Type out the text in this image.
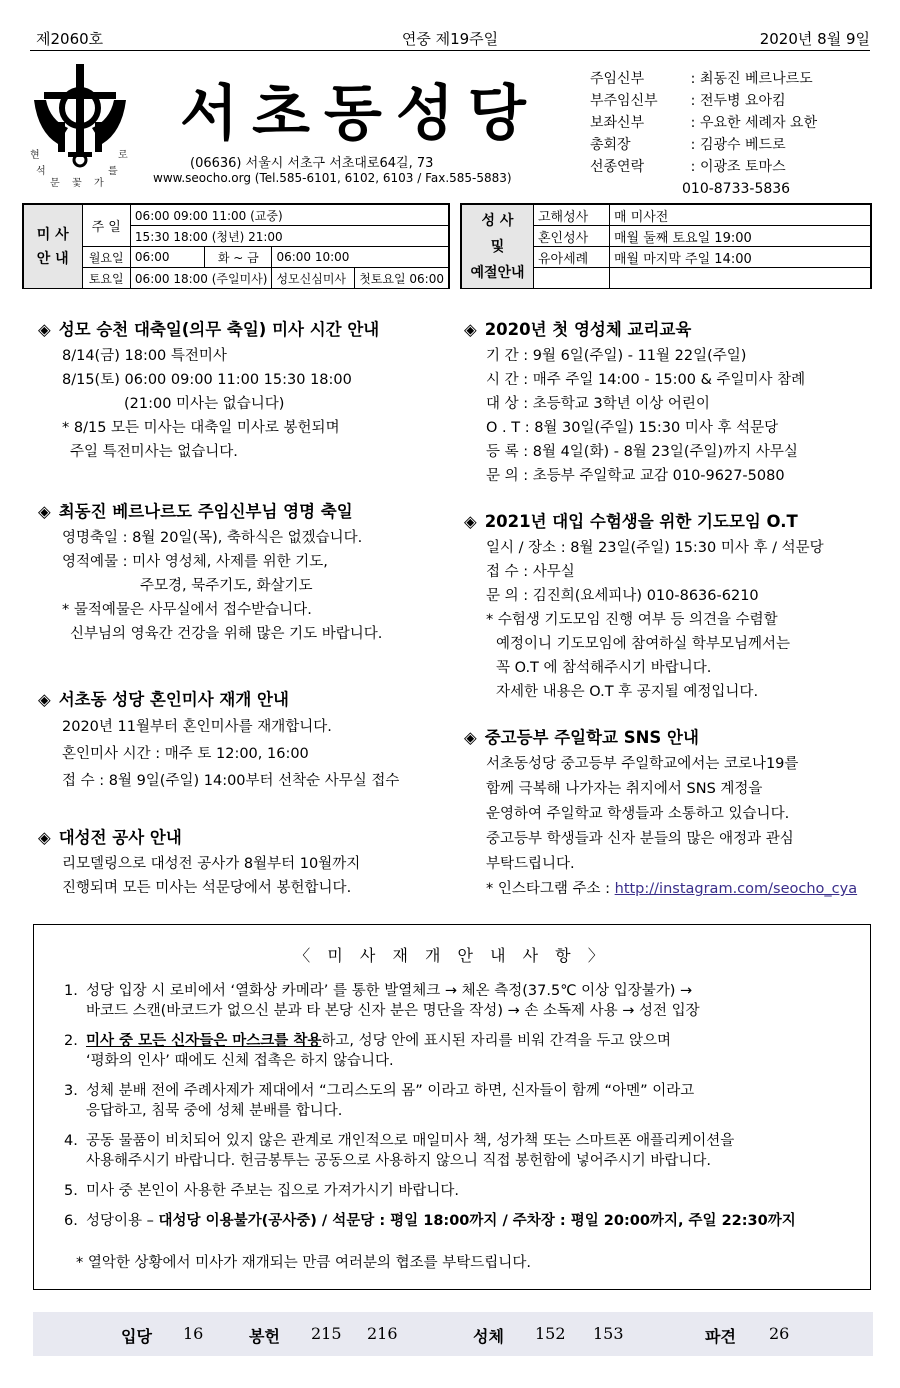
제2060호	연중 제19주일	2020년 8월 9일
현	로
석	를
문	가
꽃
서초동성당
(06636) 서울시 서초구 서초대로64길, 73
www.seocho.org (Tel.585-6101, 6102, 6103 / Fax.585-5883)
주임신부	: 최동진 베르나르도
부주임신부	: 전두병 요아킴
보좌신부	: 우요한 세례자 요한
총회장	: 김광수 베드로
선종연락	: 이광조 토마스
010-8733-5836
미 사
안 내	주 일	06:00 09:00 11:00 (교중)			
		15:30 18:00 (청년) 21:00			
	월요일	06:00	화 ~ 금	06:00 10:00	
	토요일	06:00 18:00 (주일미사)		성모신심미사	첫토요일 06:00
성 사
및
예절안내	고해성사	매 미사전
	혼인성사	매월 둘째 토요일 19:00
	유아세례	매월 마지막 주일 14:00

◈ 성모 승천 대축일(의무 축일) 미사 시간 안내
8/14(금) 18:00 특전미사
8/15(토) 06:00 09:00 11:00 15:30 18:00
(21:00 미사는 없습니다)
* 8/15 모든 미사는 대축일 미사로 봉헌되며
주일 특전미사는 없습니다.
◈ 최동진 베르나르도 주임신부님 영명 축일
영명축일 : 8월 20일(목), 축하식은 없겠습니다.
영적예물 : 미사 영성체, 사제를 위한 기도,
주모경, 묵주기도, 화살기도
* 물적예물은 사무실에서 접수받습니다.
신부님의 영육간 건강을 위해 많은 기도 바랍니다.
◈ 서초동 성당 혼인미사 재개 안내
2020년 11월부터 혼인미사를 재개합니다.
혼인미사 시간 : 매주 토 12:00, 16:00
접 수 : 8월 9일(주일) 14:00부터 선착순 사무실 접수
◈ 대성전 공사 안내
리모델링으로 대성전 공사가 8월부터 10월까지
진행되며 모든 미사는 석문당에서 봉헌합니다.
◈ 2020년 첫 영성체 교리교육
기 간 : 9월 6일(주일) - 11월 22일(주일)
시 간 : 매주 주일 14:00 - 15:00 & 주일미사 참례
대 상 : 초등학교 3학년 이상 어린이
O . T : 8월 30일(주일) 15:30 미사 후 석문당
등 록 : 8월 4일(화) - 8월 23일(주일)까지 사무실
문 의 : 초등부 주일학교 교감 010-9627-5080
◈ 2021년 대입 수험생을 위한 기도모임 O.T
일시 / 장소 : 8월 23일(주일) 15:30 미사 후 / 석문당
접 수 : 사무실
문 의 : 김진희(요세피나) 010-8636-6210
* 수험생 기도모임 진행 여부 등 의견을 수렴할
예정이니 기도모임에 참여하실 학부모님께서는
꼭 O.T 에 참석해주시기 바랍니다.
자세한 내용은 O.T 후 공지될 예정입니다.
◈ 중고등부 주일학교 SNS 안내
서초동성당 중고등부 주일학교에서는 코로나19를
함께 극복해 나가자는 취지에서 SNS 계정을
운영하여 주일학교 학생들과 소통하고 있습니다.
중고등부 학생들과 신자 분들의 많은 애정과 관심
부탁드립니다.
* 인스타그램 주소 : http://instagram.com/seocho_cya
〈 미 사 재 개 안 내 사 항 〉
1. 성당 입장 시 로비에서 ‘열화상 카메라’ 를 통한 발열체크 → 체온 측정(37.5℃ 이상 입장불가) →
바코드 스캔(바코드가 없으신 분과 타 본당 신자 분은 명단을 작성) → 손 소독제 사용 → 성전 입장
2. 미사 중 모든 신자들은 마스크를 착용하고, 성당 안에 표시된 자리를 비워 간격을 두고 앉으며
‘평화의 인사’ 때에도 신체 접촉은 하지 않습니다.
3. 성체 분배 전에 주례사제가 제대에서 “그리스도의 몸” 이라고 하면, 신자들이 함께 “아멘” 이라고
응답하고, 침묵 중에 성체 분배를 합니다.
4. 공동 물품이 비치되어 있지 않은 관계로 개인적으로 매일미사 책, 성가책 또는 스마트폰 애플리케이션을
사용해주시기 바랍니다. 헌금봉투는 공동으로 사용하지 않으니 직접 봉헌함에 넣어주시기 바랍니다.
5. 미사 중 본인이 사용한 주보는 집으로 가져가시기 바랍니다.
6. 성당이용 – 대성당 이용불가(공사중) / 석문당 : 평일 18:00까지 / 주차장 : 평일 20:00까지, 주일 22:30까지
* 열악한 상황에서 미사가 재개되는 만큼 여러분의 협조를 부탁드립니다.
입당 16	봉헌 215 216	성체 152 153	파견 26
